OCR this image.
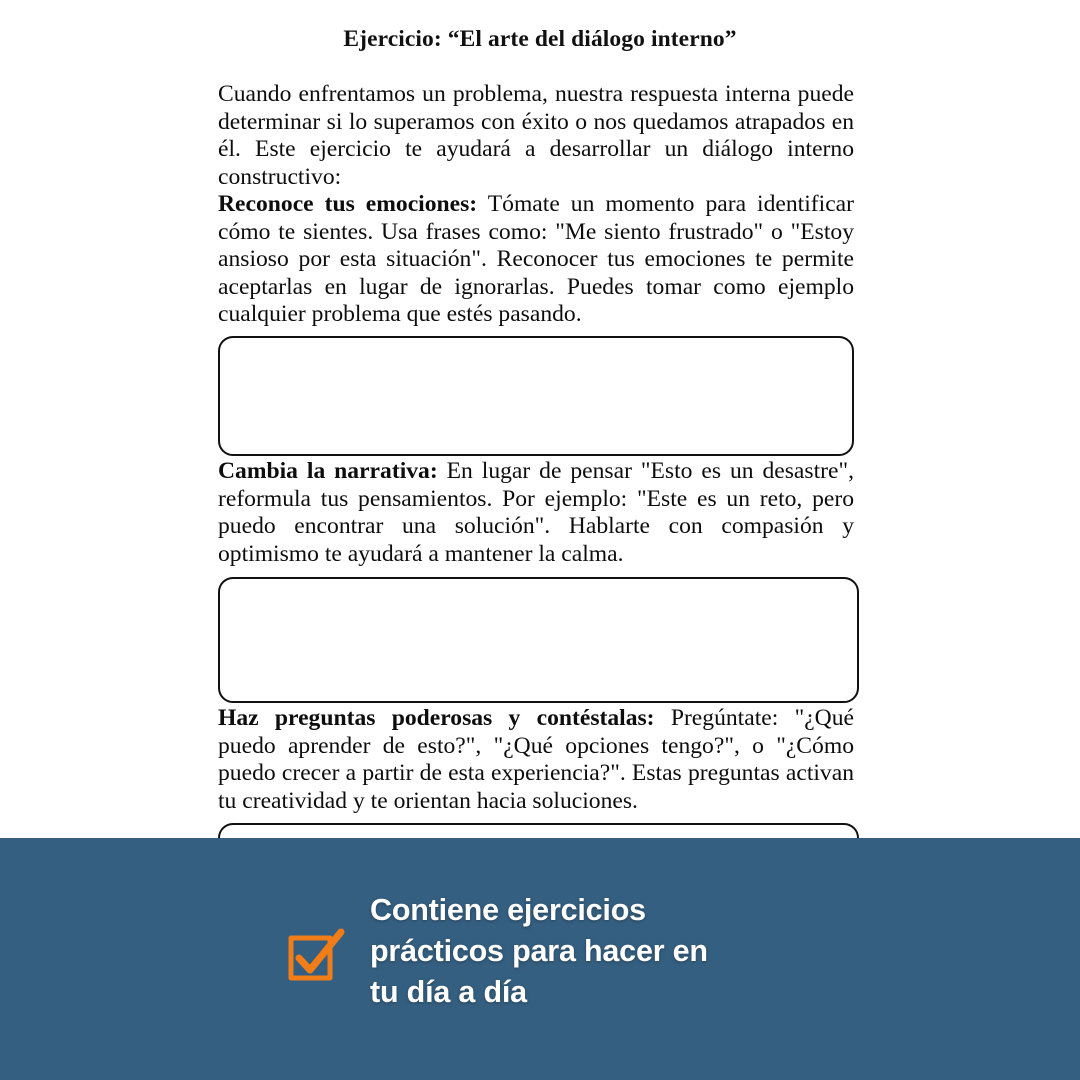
Ejercicio: “El arte del diálogo interno”

Cuando enfrentamos un problema, nuestra respuesta interna puede determinar si lo superamos con éxito o nos quedamos atrapados en él. Este ejercicio te ayudará a desarrollar un diálogo interno constructivo:

Reconoce tus emociones: Tómate un momento para identificar cómo te sientes. Usa frases como: "Me siento frustrado" o "Estoy ansioso por esta situación". Reconocer tus emociones te permite aceptarlas en lugar de ignorarlas. Puedes tomar como ejemplo cualquier problema que estés pasando.

Cambia la narrativa: En lugar de pensar "Esto es un desastre", reformula tus pensamientos. Por ejemplo: "Este es un reto, pero puedo encontrar una solución". Hablarte con compasión y optimismo te ayudará a mantener la calma.

Haz preguntas poderosas y contéstalas: Pregúntate: "¿Qué puedo aprender de esto?", "¿Qué opciones tengo?", o "¿Cómo puedo crecer a partir de esta experiencia?". Estas preguntas activan tu creatividad y te orientan hacia soluciones.

Contiene ejercicios
prácticos para hacer en
tu día a día
